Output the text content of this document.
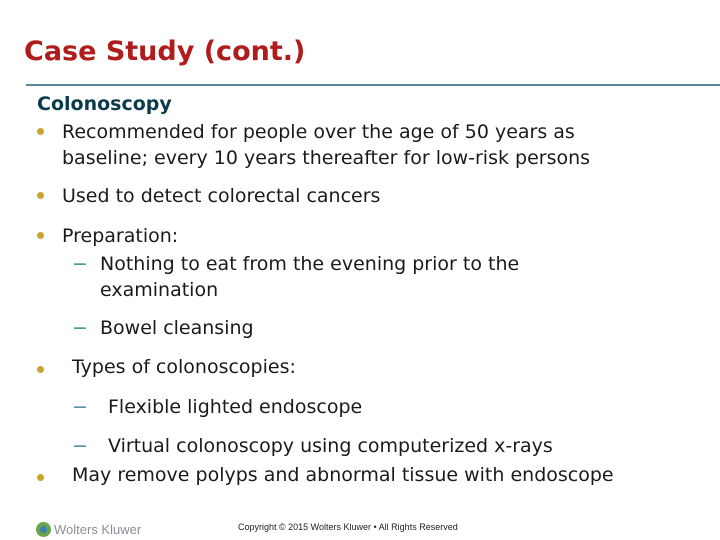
Case Study (cont.)
Colonoscopy
Recommended for people over the age of 50 years as
baseline; every 10 years thereafter for low-risk persons
Used to detect colorectal cancers
Preparation:
− Nothing to eat from the evening prior to the
examination
− Bowel cleansing
Types of colonoscopies:
− Flexible lighted endoscope
− Virtual colonoscopy using computerized x-rays
May remove polyps and abnormal tissue with endoscope
Wolters Kluwer	Copyright © 2015 Wolters Kluwer • All Rights Reserved
